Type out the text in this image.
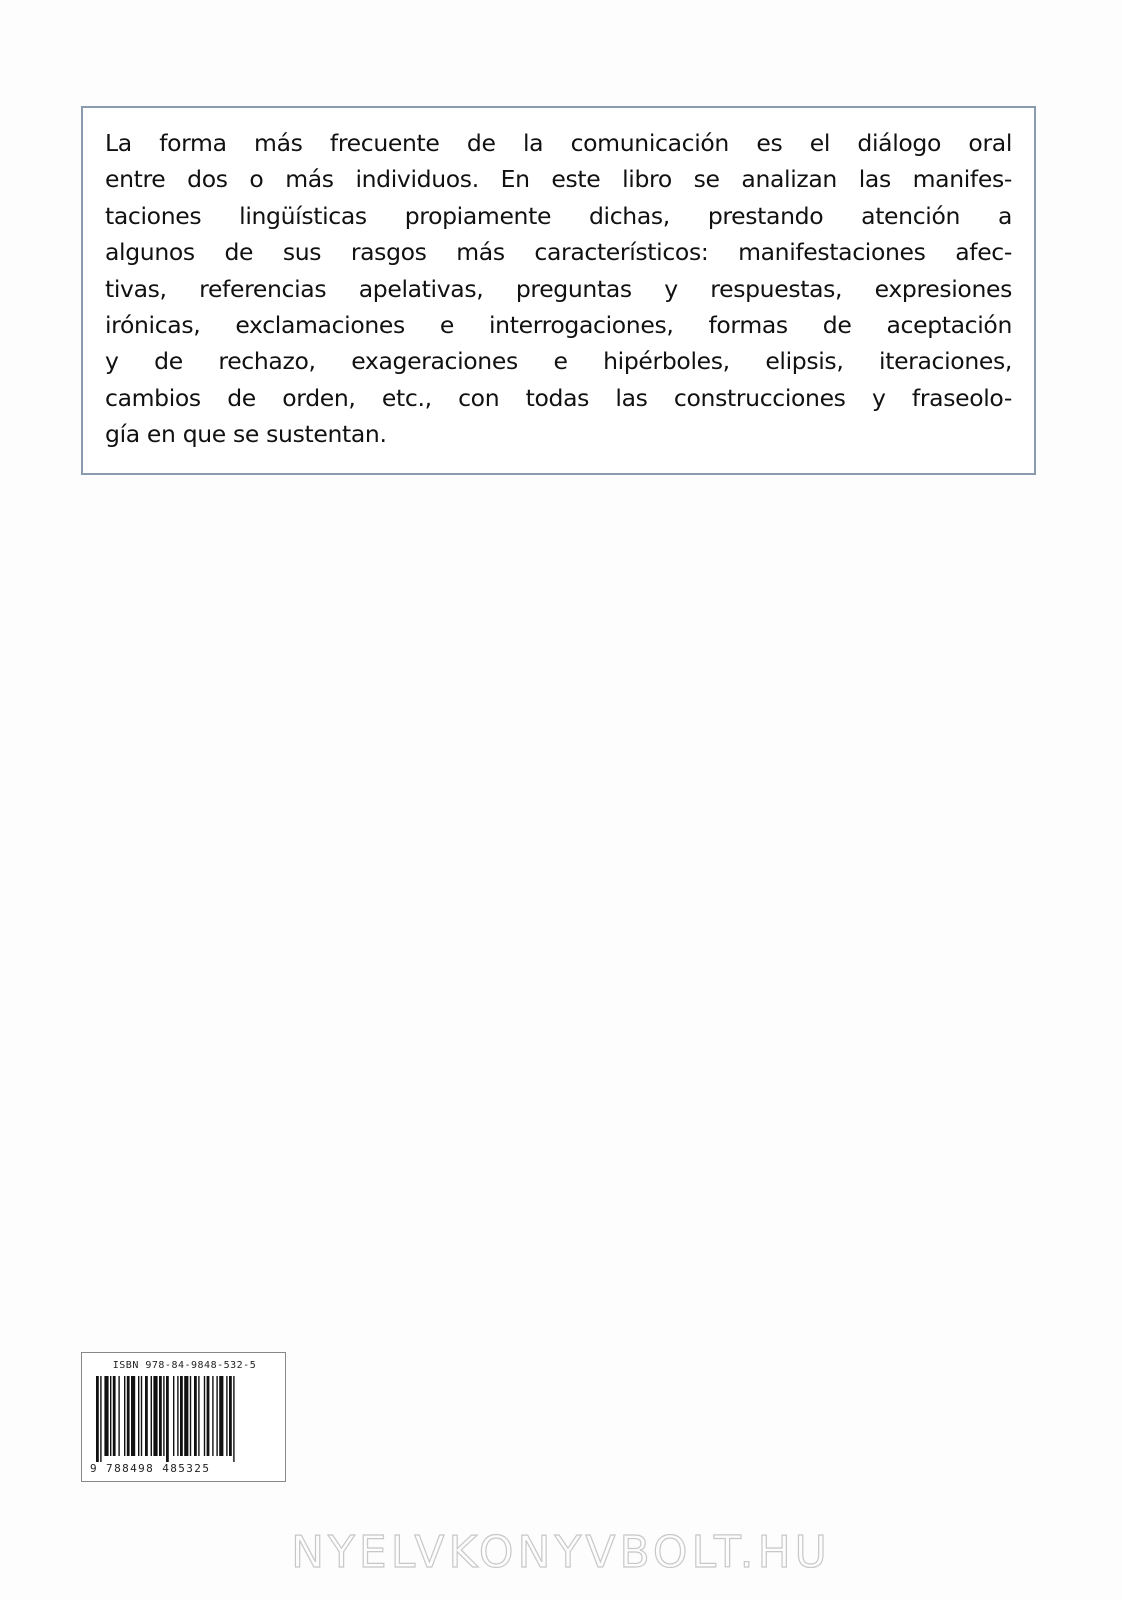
La forma más frecuente de la comunicación es el diálogo oral
entre dos o más individuos. En este libro se analizan las manifes-
taciones lingüísticas propiamente dichas, prestando atención a
algunos de sus rasgos más característicos: manifestaciones afec-
tivas, referencias apelativas, preguntas y respuestas, expresiones
irónicas, exclamaciones e interrogaciones, formas de aceptación
y de rechazo, exageraciones e hipérboles, elipsis, iteraciones,
cambios de orden, etc., con todas las construcciones y fraseolo-
gía en que se sustentan.
ISBN 978-84-9848-532-5
9 788498 485325
NYELVKONYVBOLT.HU
